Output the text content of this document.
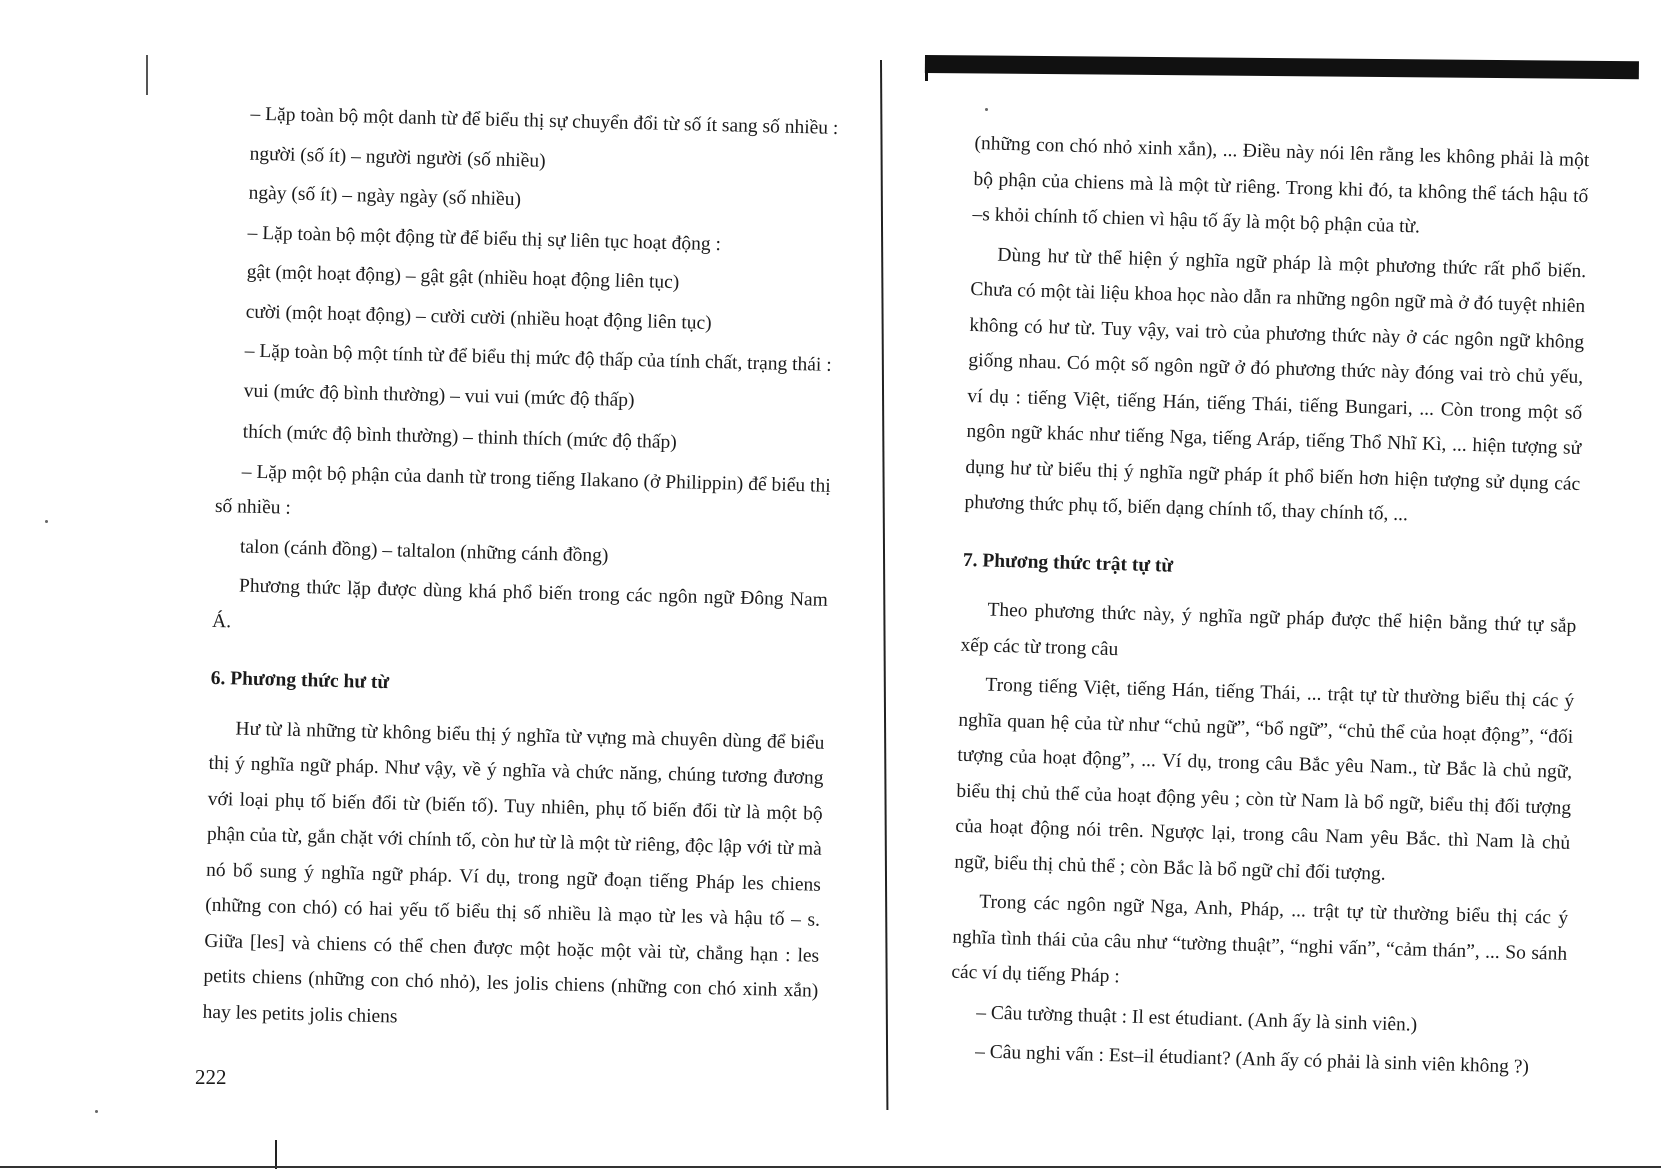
– Lặp toàn bộ một danh từ để biểu thị sự chuyển đổi từ số ít sang số nhiều :

người (số ít) – người người (số nhiều)

ngày (số ít) – ngày ngày (số nhiều)

– Lặp toàn bộ một động từ để biểu thị sự liên tục hoạt động :

gật (một hoạt động) – gật gật (nhiều hoạt động liên tục)

cười (một hoạt động) – cười cười (nhiều hoạt động liên tục)

– Lặp toàn bộ một tính từ để biểu thị mức độ thấp của tính chất, trạng thái :

vui (mức độ bình thường) – vui vui (mức độ thấp)

thích (mức độ bình thường) – thinh thích (mức độ thấp)

– Lặp một bộ phận của danh từ trong tiếng Ilakano (ở Philippin) để biểu thị số nhiều :

talon (cánh đồng) – taltalon (những cánh đồng)

Phương thức lặp được dùng khá phổ biến trong các ngôn ngữ Đông Nam Á.

6. Phương thức hư từ

Hư từ là những từ không biểu thị ý nghĩa từ vựng mà chuyên dùng để biểu thị ý nghĩa ngữ pháp. Như vậy, về ý nghĩa và chức năng, chúng tương đương với loại phụ tố biến đổi từ (biến tố). Tuy nhiên, phụ tố biến đổi từ là một bộ phận của từ, gắn chặt với chính tố, còn hư từ là một từ riêng, độc lập với từ mà nó bổ sung ý nghĩa ngữ pháp. Ví dụ, trong ngữ đoạn tiếng Pháp les chiens (những con chó) có hai yếu tố biểu thị số nhiều là mạo từ les và hậu tố – s. Giữa [les] và chiens có thể chen được một hoặc một vài từ, chẳng hạn : les petits chiens (những con chó nhỏ), les jolis chiens (những con chó xinh xắn) hay les petits jolis chiens

222

(những con chó nhỏ xinh xắn), ... Điều này nói lên rằng les không phải là một bộ phận của chiens mà là một từ riêng. Trong khi đó, ta không thể tách hậu tố –s khỏi chính tố chien vì hậu tố ấy là một bộ phận của từ.

Dùng hư từ thể hiện ý nghĩa ngữ pháp là một phương thức rất phổ biến. Chưa có một tài liệu khoa học nào dẫn ra những ngôn ngữ mà ở đó tuyệt nhiên không có hư từ. Tuy vậy, vai trò của phương thức này ở các ngôn ngữ không giống nhau. Có một số ngôn ngữ ở đó phương thức này đóng vai trò chủ yếu, ví dụ : tiếng Việt, tiếng Hán, tiếng Thái, tiếng Bungari, ... Còn trong một số ngôn ngữ khác như tiếng Nga, tiếng Aráp, tiếng Thổ Nhĩ Kì, ... hiện tượng sử dụng hư từ biểu thị ý nghĩa ngữ pháp ít phổ biến hơn hiện tượng sử dụng các phương thức phụ tố, biến dạng chính tố, thay chính tố, ...

7. Phương thức trật tự từ

Theo phương thức này, ý nghĩa ngữ pháp được thể hiện bằng thứ tự sắp xếp các từ trong câu

Trong tiếng Việt, tiếng Hán, tiếng Thái, ... trật tự từ thường biểu thị các ý nghĩa quan hệ của từ như “chủ ngữ”, “bổ ngữ”, “chủ thể của hoạt động”, “đối tượng của hoạt động”, ... Ví dụ, trong câu Bắc yêu Nam., từ Bắc là chủ ngữ, biểu thị chủ thể của hoạt động yêu ; còn từ Nam là bổ ngữ, biểu thị đối tượng của hoạt động nói trên. Ngược lại, trong câu Nam yêu Bắc. thì Nam là chủ ngữ, biểu thị chủ thể ; còn Bắc là bổ ngữ chỉ đối tượng.

Trong các ngôn ngữ Nga, Anh, Pháp, ... trật tự từ thường biểu thị các ý nghĩa tình thái của câu như “tường thuật”, “nghi vấn”, “cảm thán”, ... So sánh các ví dụ tiếng Pháp :

– Câu tường thuật : Il est étudiant. (Anh ấy là sinh viên.)

– Câu nghi vấn : Est–il étudiant? (Anh ấy có phải là sinh viên không ?)
